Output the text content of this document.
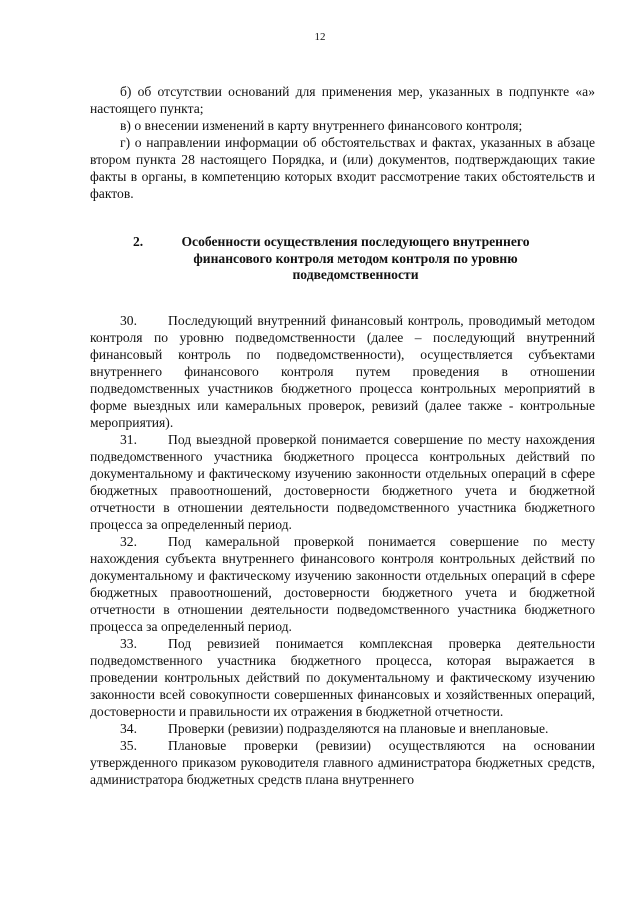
12

б) об отсутствии оснований для применения мер, указанных в подпункте «а» настоящего пункта;

в) о внесении изменений в карту внутреннего финансового контроля;

г) о направлении информации об обстоятельствах и фактах, указанных в абзаце втором пункта 28 настоящего Порядка, и (или) документов, подтверждающих такие факты в органы, в компетенцию которых входит рассмотрение таких обстоятельств и фактов.

2.	Особенности осуществления последующего внутреннего финансового контроля методом контроля по уровню подведомственности

30. Последующий внутренний финансовый контроль, проводимый методом контроля по уровню подведомственности (далее – последующий внутренний финансовый контроль по подведомственности), осуществляется субъектами внутреннего финансового контроля путем проведения в отношении подведомственных участников бюджетного процесса контрольных мероприятий в форме выездных или камеральных проверок, ревизий (далее также - контрольные мероприятия).

31. Под выездной проверкой понимается совершение по месту нахождения подведомственного участника бюджетного процесса контрольных действий по документальному и фактическому изучению законности отдельных операций в сфере бюджетных правоотношений, достоверности бюджетного учета и бюджетной отчетности в отношении деятельности подведомственного участника бюджетного процесса за определенный период.

32. Под камеральной проверкой понимается совершение по месту нахождения субъекта внутреннего финансового контроля контрольных действий по документальному и фактическому изучению законности отдельных операций в сфере бюджетных правоотношений, достоверности бюджетного учета и бюджетной отчетности в отношении деятельности подведомственного участника бюджетного процесса за определенный период.

33. Под ревизией понимается комплексная проверка деятельности подведомственного участника бюджетного процесса, которая выражается в проведении контрольных действий по документальному и фактическому изучению законности всей совокупности совершенных финансовых и хозяйственных операций, достоверности и правильности их отражения в бюджетной отчетности.

34. Проверки (ревизии) подразделяются на плановые и внеплановые.

35. Плановые проверки (ревизии) осуществляются на основании утвержденного приказом руководителя главного администратора бюджетных средств, администратора бюджетных средств плана внутреннего
